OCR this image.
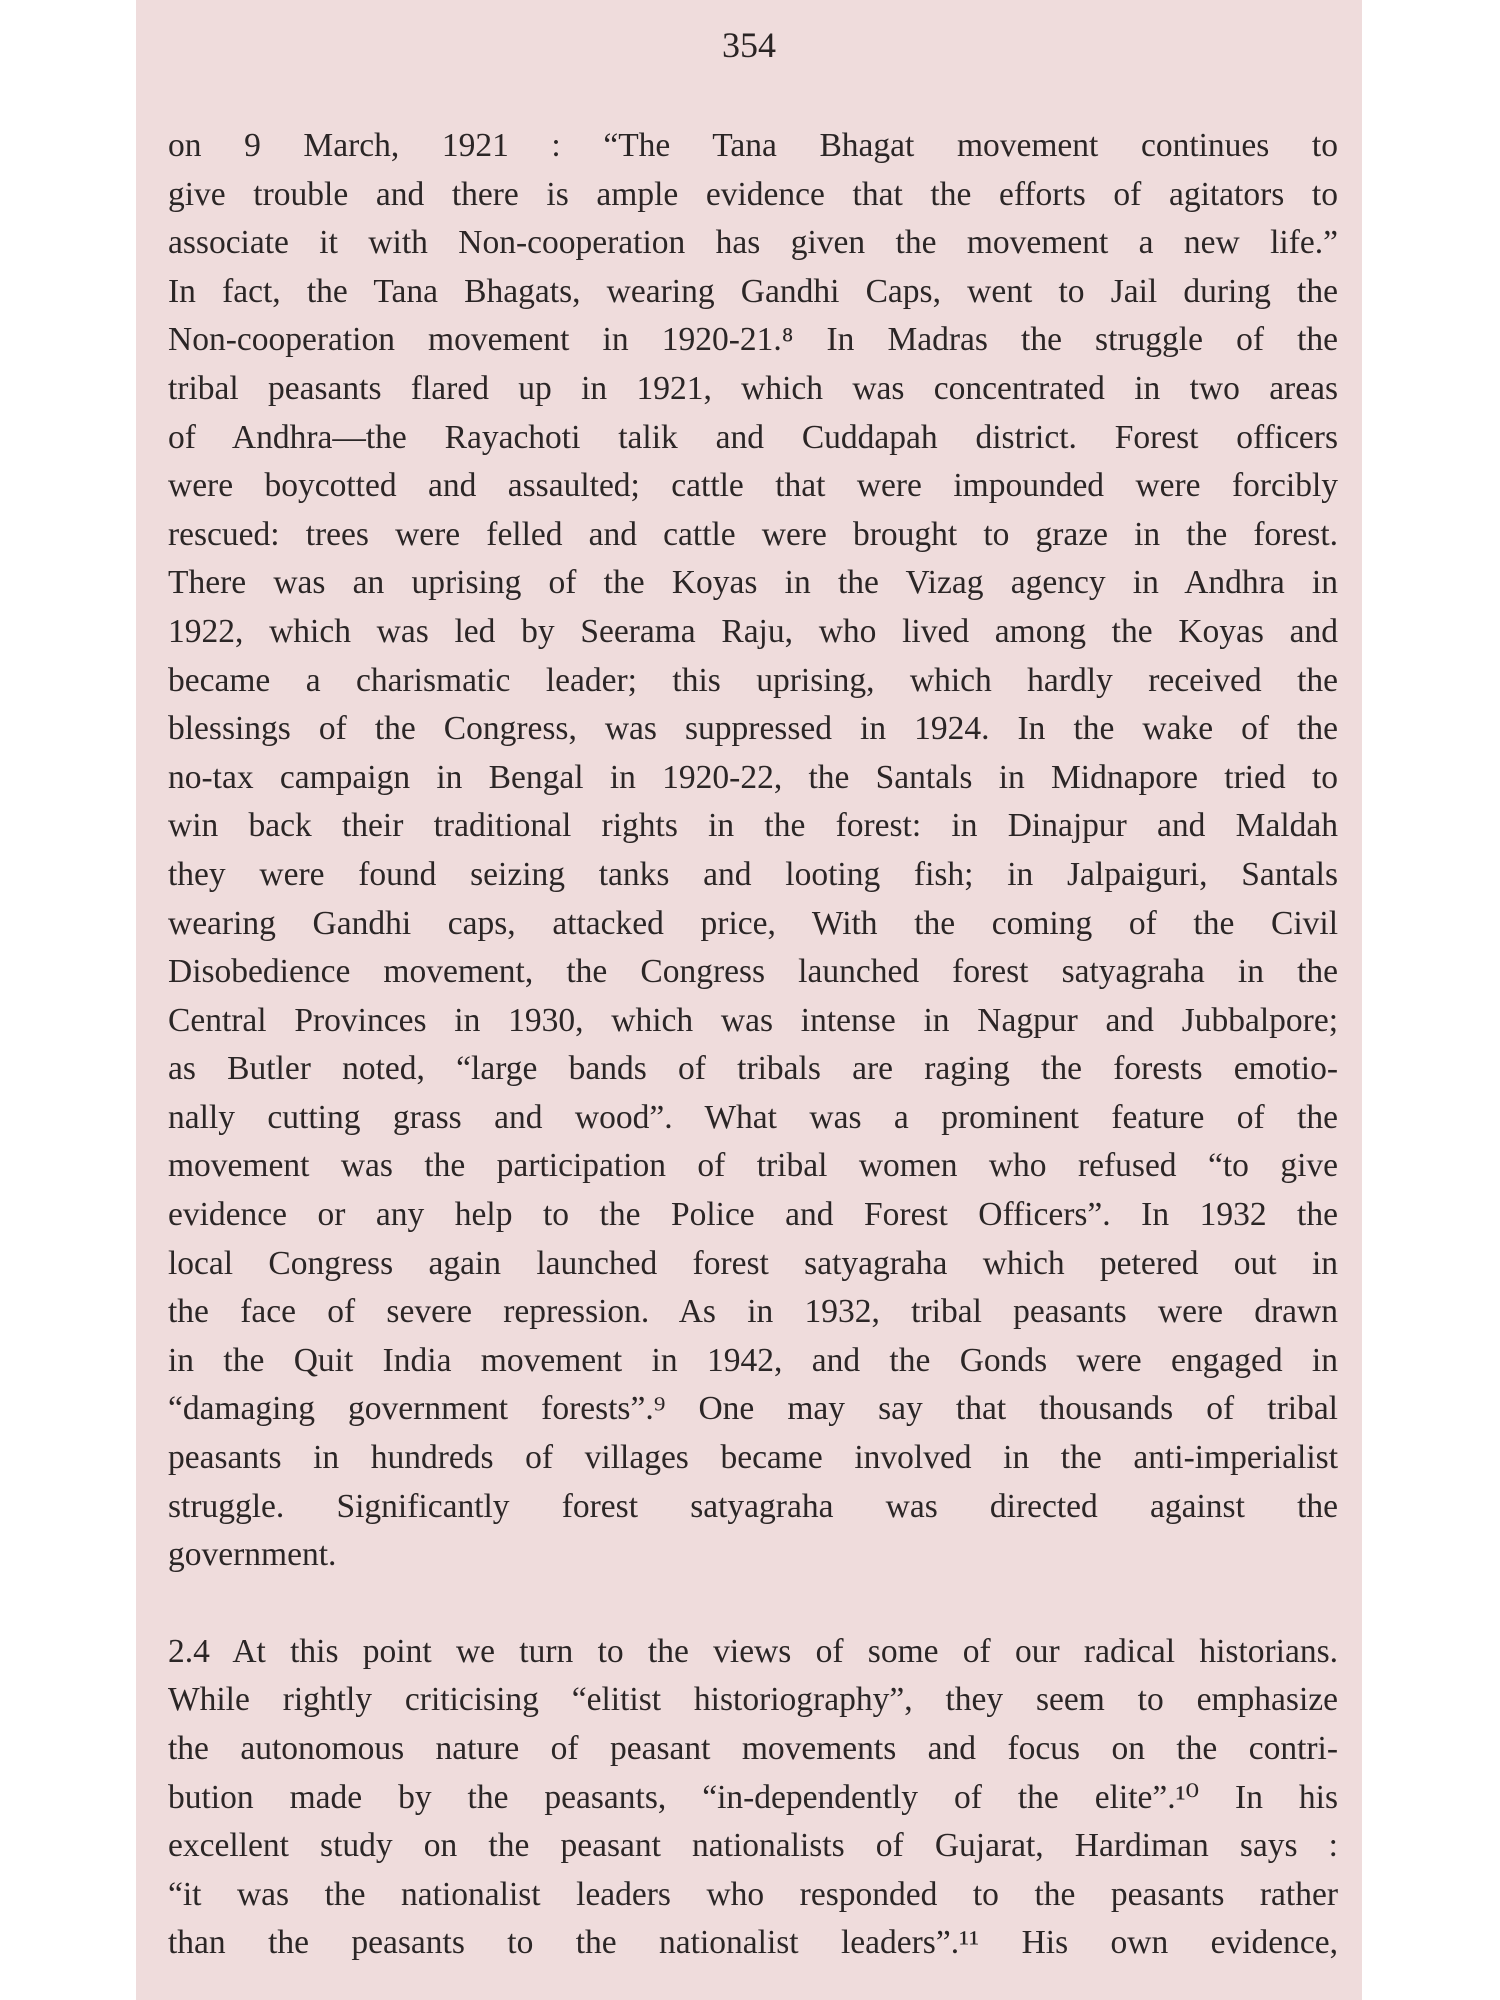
354
on 9 March, 1921 : “The Tana Bhagat movement continues to
give trouble and there is ample evidence that the efforts of agitators to
associate it with Non-cooperation has given the movement a new life.”
In fact, the Tana Bhagats, wearing Gandhi Caps, went to Jail during the
Non-cooperation movement in 1920-21.⁸ In Madras the struggle of the
tribal peasants flared up in 1921, which was concentrated in two areas
of Andhra—the Rayachoti talik and Cuddapah district. Forest officers
were boycotted and assaulted; cattle that were impounded were forcibly
rescued: trees were felled and cattle were brought to graze in the forest.
There was an uprising of the Koyas in the Vizag agency in Andhra in
1922, which was led by Seerama Raju, who lived among the Koyas and
became a charismatic leader; this uprising, which hardly received the
blessings of the Congress, was suppressed in 1924. In the wake of the
no-tax campaign in Bengal in 1920-22, the Santals in Midnapore tried to
win back their traditional rights in the forest: in Dinajpur and Maldah
they were found seizing tanks and looting fish; in Jalpaiguri, Santals
wearing Gandhi caps, attacked price, With the coming of the Civil
Disobedience movement, the Congress launched forest satyagraha in the
Central Provinces in 1930, which was intense in Nagpur and Jubbalpore;
as Butler noted, “large bands of tribals are raging the forests emotio-
nally cutting grass and wood”. What was a prominent feature of the
movement was the participation of tribal women who refused “to give
evidence or any help to the Police and Forest Officers”. In 1932 the
local Congress again launched forest satyagraha which petered out in
the face of severe repression. As in 1932, tribal peasants were drawn
in the Quit India movement in 1942, and the Gonds were engaged in
“damaging government forests”.⁹ One may say that thousands of tribal
peasants in hundreds of villages became involved in the anti-imperialist
struggle. Significantly forest satyagraha was directed against the
government.
2.4 At this point we turn to the views of some of our radical historians.
While rightly criticising “elitist historiography”, they seem to emphasize
the autonomous nature of peasant movements and focus on the contri-
bution made by the peasants, “in-dependently of the elite”.¹⁰ In his
excellent study on the peasant nationalists of Gujarat, Hardiman says :
“it was the nationalist leaders who responded to the peasants rather
than the peasants to the nationalist leaders”.¹¹ His own evidence,
